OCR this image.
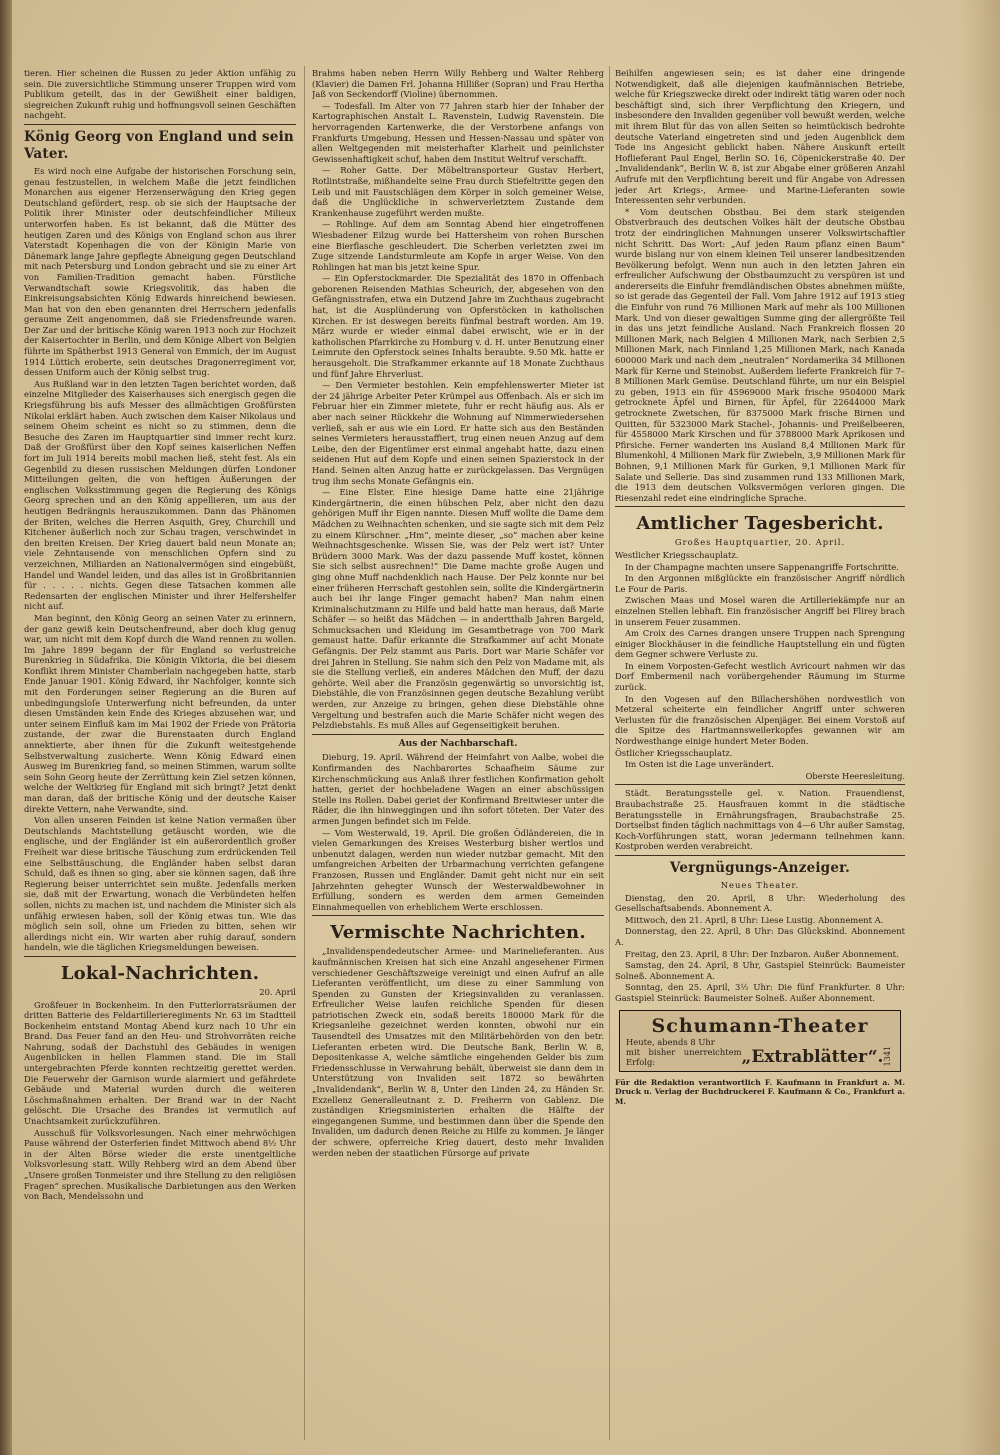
tieren. Hier scheinen die Russen zu jeder Aktion unfähig zu sein. Die zuversichtliche Stimmung unserer Truppen wird vom Publikum geteilt, das in der Gewißheit einer baldigen, siegreichen Zukunft ruhig und hoffnungsvoll seinen Geschäften nachgeht.

König Georg von England und sein Vater.

Es wird noch eine Aufgabe der historischen Forschung sein, genau festzustellen, in welchem Maße die jetzt feindlichen Monarchen aus eigener Herzenserwägung den Krieg gegen Deutschland gefördert, resp. ob sie sich der Hauptsache der Politik ihrer Minister oder deutschfeindlicher Milieux unterworfen haben. Es ist bekannt, daß die Mütter des heutigen Zaren und des Königs von England schon aus ihrer Vaterstadt Kopenhagen die von der Königin Marie von Dänemark lange Jahre gepflegte Abneigung gegen Deutschland mit nach Petersburg und London gebracht und sie zu einer Art von Familien-Tradition gemacht haben. Fürstliche Verwandtschaft sowie Kriegsvolitik, das haben die Einkreisungsabsichten König Edwards hinreichend bewiesen. Man hat von den eben genannten drei Herrschern jedenfalls geraume Zeit angenommen, daß sie Friedensfreunde waren. Der Zar und der britische König waren 1913 noch zur Hochzeit der Kaisertochter in Berlin, und dem Könige Albert von Belgien führte im Spätherbst 1913 General von Emmich, der im August 1914 Lüttich eroberte, sein deutsches Dragonerregiment vor, dessen Uniform auch der König selbst trug.

Aus Rußland war in den letzten Tagen berichtet worden, daß einzelne Mitglieder des Kaiserhauses sich energisch gegen die Kriegsführung bis aufs Messer des allmächtigen Großfürsten Nikolai erklärt haben. Auch zwischen dem Kaiser Nikolaus und seinem Oheim scheint es nicht so zu stimmen, denn die Besuche des Zaren im Hauptquartier sind immer recht kurz. Daß der Großfürst über den Kopf seines kaiserlichen Neffen fort im Juli 1914 bereits mobil machen ließ, steht fest. Als ein Gegenbild zu diesen russischen Meldungen dürfen Londoner Mitteilungen gelten, die von heftigen Äußerungen der englischen Volksstimmung gegen die Regierung des Königs Georg sprechen und an den König appellieren, um aus der heutigen Bedrängnis herauszukommen. Dann das Phänomen der Briten, welches die Herren Asquith, Grey, Churchill und Kitchener äußerlich noch zur Schau tragen, verschwindet in den breiten Kreisen. Der Krieg dauert bald neun Monate an; viele Zehntausende von menschlichen Opfern sind zu verzeichnen, Milliarden an Nationalvermögen sind eingebüßt, Handel und Wandel leiden, und das alles ist in Großbritannien für . . . . . nichts. Gegen diese Tatsachen kommen alle Redensarten der englischen Minister und ihrer Helfershelfer nicht auf.

Man beginnt, den König Georg an seinen Vater zu erinnern, der ganz gewiß kein Deutschenfreund, aber doch klug genug war, um nicht mit dem Kopf durch die Wand rennen zu wollen. Im Jahre 1899 begann der für England so verlustreiche Burenkrieg in Südafrika. Die Königin Viktoria, die bei diesem Konflikt ihrem Minister Chamberlain nachgegeben hatte, starb Ende Januar 1901. König Edward, ihr Nachfolger, konnte sich mit den Forderungen seiner Regierung an die Buren auf unbedingungsloſe Unterwerfung nicht befreunden, da unter diesen Umständen kein Ende des Krieges abzusehen war, und unter seinem Einfluß kam im Mai 1902 der Friede von Prätoria zustande, der zwar die Burenstaaten durch England annektierte, aber ihnen für die Zukunft weitestgehende Selbstverwaltung zusicherte. Wenn König Edward einen Ausweg im Burenkrieg fand, so meinen Stimmen, warum sollte sein Sohn Georg heute der Zerrüttung kein Ziel setzen können, welche der Weltkrieg für England mit sich bringt? Jetzt denkt man daran, daß der britische König und der deutsche Kaiser direkte Vettern, nahe Verwandte, sind.

Von allen unseren Feinden ist keine Nation vermaßen über Deutschlands Machtstellung getäuscht worden, wie die englische, und der Engländer ist ein außerordentlich großer Freiheit war diese britische Täuschung zum erdrückenden Teil eine Selbsttäuschung, die Engländer haben selbst daran Schuld, daß es ihnen so ging, aber sie können sagen, daß ihre Regierung beiser unterrichtet sein mußte. Jedenfalls merken sie, daß mit der Erwartung, wonach die Verbündeten helfen sollen, nichts zu machen ist, und nachdem die Minister sich als unfähig erwiesen haben, soll der König etwas tun. Wie das möglich sein soll, ohne um Frieden zu bitten, sehen wir allerdings nicht ein. Wir warten aber ruhig darauf, sondern handeln, wie die täglichen Kriegsmeldungen beweisen.

Lokal-Nachrichten.
20. April

Großfeuer in Bockenheim. In den Futterlorratsräumen der dritten Batterie des Feldartillerieregiments Nr. 63 im Stadtteil Bockenheim entstand Montag Abend kurz nach 10 Uhr ein Brand. Das Feuer fand an den Heu- und Strohvorräten reiche Nahrung, sodaß der Dachstuhl des Gebäudes in wenigen Augenblicken in hellen Flammen stand. Die im Stall untergebrachten Pferde konnten rechtzeitig gerettet werden. Die Feuerwehr der Garnison wurde alarmiert und gefährdete Gebäude und Material wurden durch die weiteren Löschmaßnahmen erhalten. Der Brand war in der Nacht gelöscht. Die Ursache des Brandes ist vermutlich auf Unachtsamkeit zurückzuführen.

Ausschuß für Volksvorlesungen. Nach einer mehrwöchigen Pause während der Osterferien findet Mittwoch abend 8½ Uhr in der Alten Börse wieder die erste unentgeltliche Volksvorlesung statt. Willy Rehberg wird an dem Abend über „Unsere großen Tonmeister und ihre Stellung zu den religiösen Fragen“ sprechen. Musikalische Darbietungen aus den Werken von Bach, Mendelssohn und

Brahms haben neben Herrn Willy Rehberg und Walter Rehberg (Klavier) die Damen Frl. Johanna Hillißer (Sopran) und Frau Hertha Jaß von Seckendorff (Violine) übernommen.

— Todesfall. Im Alter von 77 Jahren starb hier der Inhaber der Kartographischen Anstalt L. Ravenstein, Ludwig Ravenstein. Die hervorragenden Kartenwerke, die der Verstorbene anfangs von Frankfurts Umgebung, Hessen und Hessen-Nassau und später von allen Weltgegenden mit meisterhafter Klarheit und peinlichster Gewissenhaftigkeit schuf, haben dem Institut Weltruf verschafft.

— Roher Gatte. Der Möbeltransporteur Gustav Herbert, Rotlintstraße, mißhandelte seine Frau durch Stiefeltritte gegen den Leib und mit Faustschlägen dem Körper in solch gemeiner Weise, daß die Unglückliche in schwerverletztem Zustande dem Krankenhause zugeführt werden mußte.

— Rohlinge. Auf dem am Sonntag Abend hier eingetroffenen Wiesbadener Eilzug wurde bei Hattersheim von rohen Burschen eine Bierflasche geschleudert. Die Scherben verletzten zwei im Zuge sitzende Landsturmleute am Kopfe in arger Weise. Von den Rohlingen hat man bis jetzt keine Spur.

— Ein Opferstockmarder. Die Spezialität des 1870 in Offenbach geborenen Reisenden Mathias Scheurich, der, abgesehen von den Gefängnisstrafen, etwa ein Dutzend Jahre im Zuchthaus zugebracht hat, ist die Ausplünderung von Opferstöcken in katholischen Kirchen. Er ist deswegen bereits fünfmal bestraft worden. Am 19. März wurde er wieder einmal dabei erwischt, wie er in der katholischen Pfarrkirche zu Homburg v. d. H. unter Benutzung einer Leimrute den Opferstock seines Inhalts beraubte. 9.50 Mk. hatte er herausgeholt. Die Strafkammer erkannte auf 18 Monate Zuchthaus und fünf Jahre Ehrverlust.

— Den Vermieter bestohlen. Kein empfehlenswerter Mieter ist der 24 jährige Arbeiter Peter Krümpel aus Offenbach. Als er sich im Februar hier ein Zimmer mietete, fuhr er recht häufig aus. Als er aber nach seiner Rückkehr die Wohnung auf Nimmerwiedersehen verließ, sah er aus wie ein Lord. Er hatte sich aus den Beständen seines Vermieters herausstaffiert, trug einen neuen Anzug auf dem Leibe, den der Eigentümer erst einmal angehabt hatte, dazu einen seidenen Hut auf dem Kopfe und einen seinen Spazierstock in der Hand. Seinen alten Anzug hatte er zurückgelassen. Das Vergnügen trug ihm sechs Monate Gefängnis ein.

— Eine Elster. Eine hiesige Dame hatte eine 21jährige Kindergärtnerin, die einen hübschen Pelz, aber nicht den dazu gehörigen Muff ihr Eigen nannte. Diesen Muff wollte die Dame dem Mädchen zu Weihnachten schenken, und sie sagte sich mit dem Pelz zu einem Kürschner. „Hm“, meinte dieser, „so“ machen aber keine Weihnachtsgeschenke. Wissen Sie, was der Pelz wert ist? Unter Brüdern 3000 Mark. Was der dazu passende Muff kostet, können Sie sich selbst ausrechnen!“ Die Dame machte große Augen und ging ohne Muff nachdenklich nach Hause. Der Pelz konnte nur bei einer früheren Herrschaft gestohlen sein, sollte die Kindergärtnerin auch bei ihr lange Finger gemacht haben? Man nahm einen Kriminalschutzmann zu Hilfe und bald hatte man heraus, daß Marie Schäfer — so heißt das Mädchen — in andertthalb Jahren Bargeld, Schmucksachen und Kleidung im Gesamtbetrage von 700 Mark gemaust hatte. Dafür erkannte die Strafkammer auf acht Monate Gefängnis. Der Pelz stammt aus Paris. Dort war Marie Schäfer vor drei Jahren in Stellung. Sie nahm sich den Pelz von Madame mit, als sie die Stellung verließ, ein anderes Mädchen den Muff, der dazu gehörte. Weil aber die Französin gegenwärtig so unvorsichtig ist, Diebstähle, die von Französinnen gegen deutsche Bezahlung verübt werden, zur Anzeige zu bringen, gehen diese Diebstähle ohne Vergeltung und bestrafen auch die Marie Schäfer nicht wegen des Pelzdiebstahls. Es muß Alles auf Gegenseitigkeit beruhen.

Aus der Nachbarschaft.

Dieburg, 19. April. Während der Heimfahrt von Aalbe, wobei die Konfirmanden des Nachbarortes Schaafheim Säume zur Kirchenschmückung aus Anlaß ihrer festlichen Konfirmation geholt hatten, geriet der hochbeladene Wagen an einer abschüssigen Stelle ins Rollen. Dabei geriet der Konfirmand Breitwieser unter die Räder, die ihn hinweggingen und ihn sofort töteten. Der Vater des armen Jungen befindet sich im Felde.

— Vom Westerwald, 19. April. Die großen Ödländereien, die in vielen Gemarkungen des Kreises Westerburg bisher wertlos und unbenutzt dalagen, werden nun wieder nutzbar gemacht. Mit den umfangreichen Arbeiten der Urbarmachung verrichten gefangene Franzosen, Russen und Engländer. Damit geht nicht nur ein seit Jahrzehnten gehegter Wunsch der Westerwaldbewohner in Erfüllung, sondern es werden dem armen Gemeinden Einnahmequellen von erheblichem Werte erschlossen.

Vermischte Nachrichten.

„Invalidenspendedeutscher Armee- und Marinelieferanten. Aus kaufmännischen Kreisen hat sich eine Anzahl angesehener Firmen verschiedener Geschäftszweige vereinigt und einen Aufruf an alle Lieferanten veröffentlicht, um diese zu einer Sammlung von Spenden zu Gunsten der Kriegsinvaliden zu veranlassen. Erfreulicher Weise laufen reichliche Spenden für diesen patriotischen Zweck ein, sodaß bereits 180000 Mark für die Kriegsanleihe gezeichnet werden konnten, obwohl nur ein Tausendteil des Umsatzes mit den Militärbehörden von den betr. Lieferanten erbeten wird. Die Deutsche Bank, Berlin W. 8, Depositenkasse A, welche sämtliche eingehenden Gelder bis zum Friedensschlusse in Verwahrung behält, überweist sie dann dem in Unterstützung von Invaliden seit 1872 so bewährten „Invalidendank“, Berlin W. 8, Unter den Linden 24, zu Händen Sr. Exzellenz Generalleutnant z. D. Freiherrn von Gablenz. Die zuständigen Kriegsministerien erhalten die Hälfte der eingegangenen Summe, und bestimmen dann über die Spende den Invaliden, um dadurch denen Reiche zu Hilfe zu kommen. Je länger der schwere, opferreiche Krieg dauert, desto mehr Invaliden werden neben der staatlichen Fürsorge auf private

Beihilfen angewiesen sein; es ist daher eine dringende Notwendigkeit, daß alle diejenigen kaufmännischen Betriebe, welche für Kriegszwecke direkt oder indirekt tätig waren oder noch beschäftigt sind, sich ihrer Verpflichtung den Kriegern, und insbesondere den Invaliden gegenüber voll bewußt werden, welche mit ihrem Blut für das von allen Seiten so heimtückisch bedrohte deutsche Vaterland eingetreten sind und jeden Augenblick dem Tode ins Angesicht geblickt haben. Nähere Auskunft erteilt Hoflieferant Paul Engel, Berlin SO. 16, Cöpenickerstraße 40. Der „Invalidendank“, Berlin W. 8, ist zur Abgabe einer größeren Anzahl Aufrufe mit den Verpflichtung bereit und für Angabe von Adressen jeder Art Kriegs-, Armee- und Marine-Lieferanten sowie Interessenten sehr verbunden.

* Vom deutschen Obstbau. Bei dem stark steigenden Obstverbrauch des deutschen Volkes hält der deutsche Obstbau trotz der eindringlichen Mahnungen unserer Volkswirtschaftler nicht Schritt. Das Wort: „Auf jeden Raum pflanz einen Baum“ wurde bislang nur von einem kleinen Teil unserer landbesitzenden Bevölkerung befolgt. Wenn nun auch in den letzten Jahren ein erfreulicher Aufschwung der Obstbaumzucht zu verspüren ist und andererseits die Einfuhr fremdländischen Obstes abnehmen müßte, so ist gerade das Gegenteil der Fall. Vom Jahre 1912 auf 1913 stieg die Einfuhr von rund 76 Millionen Mark auf mehr als 100 Millionen Mark. Und von dieser gewaltigen Summe ging der allergrößte Teil in das uns jetzt feindliche Ausland. Nach Frankreich flossen 20 Millionen Mark, nach Belgien 4 Millionen Mark, nach Serbien 2,5 Millionen Mark, nach Finnland 1,25 Millionen Mark, nach Kanada 600000 Mark und nach dem „neutralen“ Nordamerika 34 Millionen Mark für Kerne und Steinobst. Außerdem lieferte Frankreich für 7–8 Millionen Mark Gemüse. Deutschland führte, um nur ein Beispiel zu geben, 1913 ein für 45969000 Mark frische 9504000 Mark getrocknete Äpfel und Birnen, für Äpfel, für 22644000 Mark getrocknete Zwetschen, für 8375000 Mark frische Birnen und Quitten, für 5323000 Mark Stachel-, Johannis- und Preißelbeeren, für 4558000 Mark Kirschen und für 3788000 Mark Aprikosen und Pfirsiche. Ferner wanderten ins Ausland 8,4 Millionen Mark für Blumenkohl, 4 Millionen Mark für Zwiebeln, 3,9 Millionen Mark für Bohnen, 9,1 Millionen Mark für Gurken, 9,1 Millionen Mark für Salate und Sellerie. Das sind zusammen rund 133 Millionen Mark, die 1913 dem deutschen Volksvermögen verloren gingen. Die Riesenzahl redet eine eindringliche Sprache.

Amtlicher Tagesbericht.
Großes Hauptquartier, 20. April.

Westlicher Kriegsschauplatz.

In der Champagne machten unsere Sappenangriffe Fortschritte.

In den Argonnen mißglückte ein französischer Angriff nördlich Le Four de Paris.

Zwischen Maas und Mosel waren die Artilleriekämpfe nur an einzelnen Stellen lebhaft. Ein französischer Angriff bei Flirey brach in unserem Feuer zusammen.

Am Croix des Carnes drangen unsere Truppen nach Sprengung einiger Blockhäuser in die feindliche Hauptstellung ein und fügten dem Gegner schwere Verluste zu.

In einem Vorposten-Gefecht westlich Avricourt nahmen wir das Dorf Embermenil nach vorübergehender Räumung im Sturme zurück.

In den Vogesen auf den Billachershöhen nordwestlich von Metzeral scheiterte ein feindlicher Angriff unter schweren Verlusten für die französischen Alpenjäger. Bei einem Vorstoß auf die Spitze des Hartmannsweilerkopfes gewannen wir am Nordwesthange einige hundert Meter Boden.

Östlicher Kriegsschauplatz.

Im Osten ist die Lage unverändert.

Oberste Heeresleitung.

Städt. Beratungsstelle gel. v. Nation. Frauendienst, Braubachstraße 25. Hausfrauen kommt in die städtische Beratungsstelle in Ernährungsfragen, Braubachstraße 25. Dortselbst finden täglich nachmittags von 4—6 Uhr außer Samstag, Koch-Vorführungen statt, woran jedermann teilnehmen kann. Kostproben werden verabreicht.

Vergnügungs-Anzeiger.
Neues Theater.

Dienstag, den 20. April, 8 Uhr: Wiederholung des Gesellschaftsabends. Abonnement A.

Mittwoch, den 21. April, 8 Uhr: Liese Lustig. Abonnement A.

Donnerstag, den 22. April, 8 Uhr: Das Glückskind. Abonnement A.

Freitag, den 23. April, 8 Uhr: Der Inzbaron. Außer Abonnement.

Samstag, den 24. April, 8 Uhr, Gastspiel Steinrück: Baumeister Solneß. Abonnement A.

Sonntag, den 25. April, 3½ Uhr: Die fünf Frankfurter. 8 Uhr: Gastspiel Steinrück: Baumeister Solneß. Außer Abonnement.

Schumann-Theater
Heute, abends 8 Uhr
mit bisher unerreichtem Erfolg:	„Extrablätter“. 1341
Für die Redaktion verantwortlich F. Kaufmann in Frankfurt a. M. Druck u. Verlag der Buchdruckerei F. Kaufmann & Co., Frankfurt a. M.
